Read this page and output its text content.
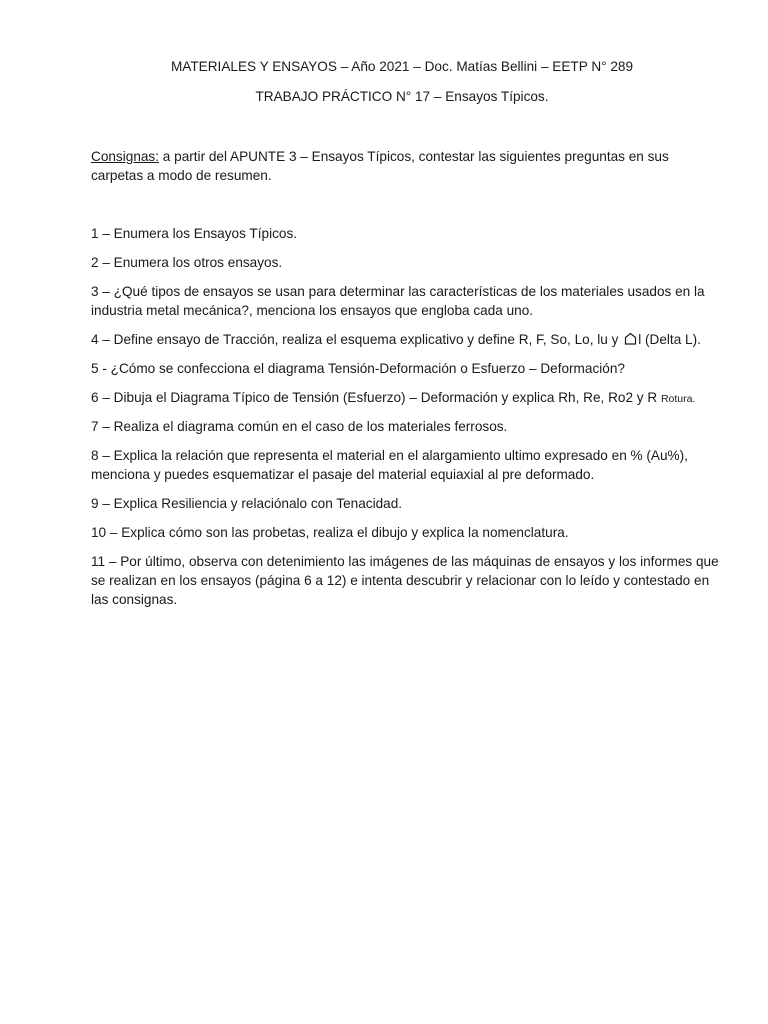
MATERIALES Y ENSAYOS – Año 2021 – Doc. Matías Bellini – EETP N° 289
TRABAJO PRÁCTICO N° 17 – Ensayos Típicos.
Consignas: a partir del APUNTE 3 – Ensayos Típicos, contestar las siguientes preguntas en sus carpetas a modo de resumen.
1 – Enumera los Ensayos Típicos.
2 – Enumera los otros ensayos.
3 – ¿Qué tipos de ensayos se usan para determinar las características de los materiales usados en la industria metal mecánica?, menciona los ensayos que engloba cada uno.
4 – Define ensayo de Tracción, realiza el esquema explicativo y define R, F, So, Lo, lu y l (Delta L).
5 - ¿Cómo se confecciona el diagrama Tensión-Deformación o Esfuerzo – Deformación?
6 – Dibuja el Diagrama Típico de Tensión (Esfuerzo) – Deformación y explica Rh, Re, Ro2 y R Rotura.
7 – Realiza el diagrama común en el caso de los materiales ferrosos.
8 – Explica la relación que representa el material en el alargamiento ultimo expresado en % (Au%), menciona y puedes esquematizar el pasaje del material equiaxial al pre deformado.
9 – Explica Resiliencia y relaciónalo con Tenacidad.
10 – Explica cómo son las probetas, realiza el dibujo y explica la nomenclatura.
11 – Por último, observa con detenimiento las imágenes de las máquinas de ensayos y los informes que se realizan en los ensayos (página 6 a 12) e intenta descubrir y relacionar con lo leído y contestado en las consignas.
